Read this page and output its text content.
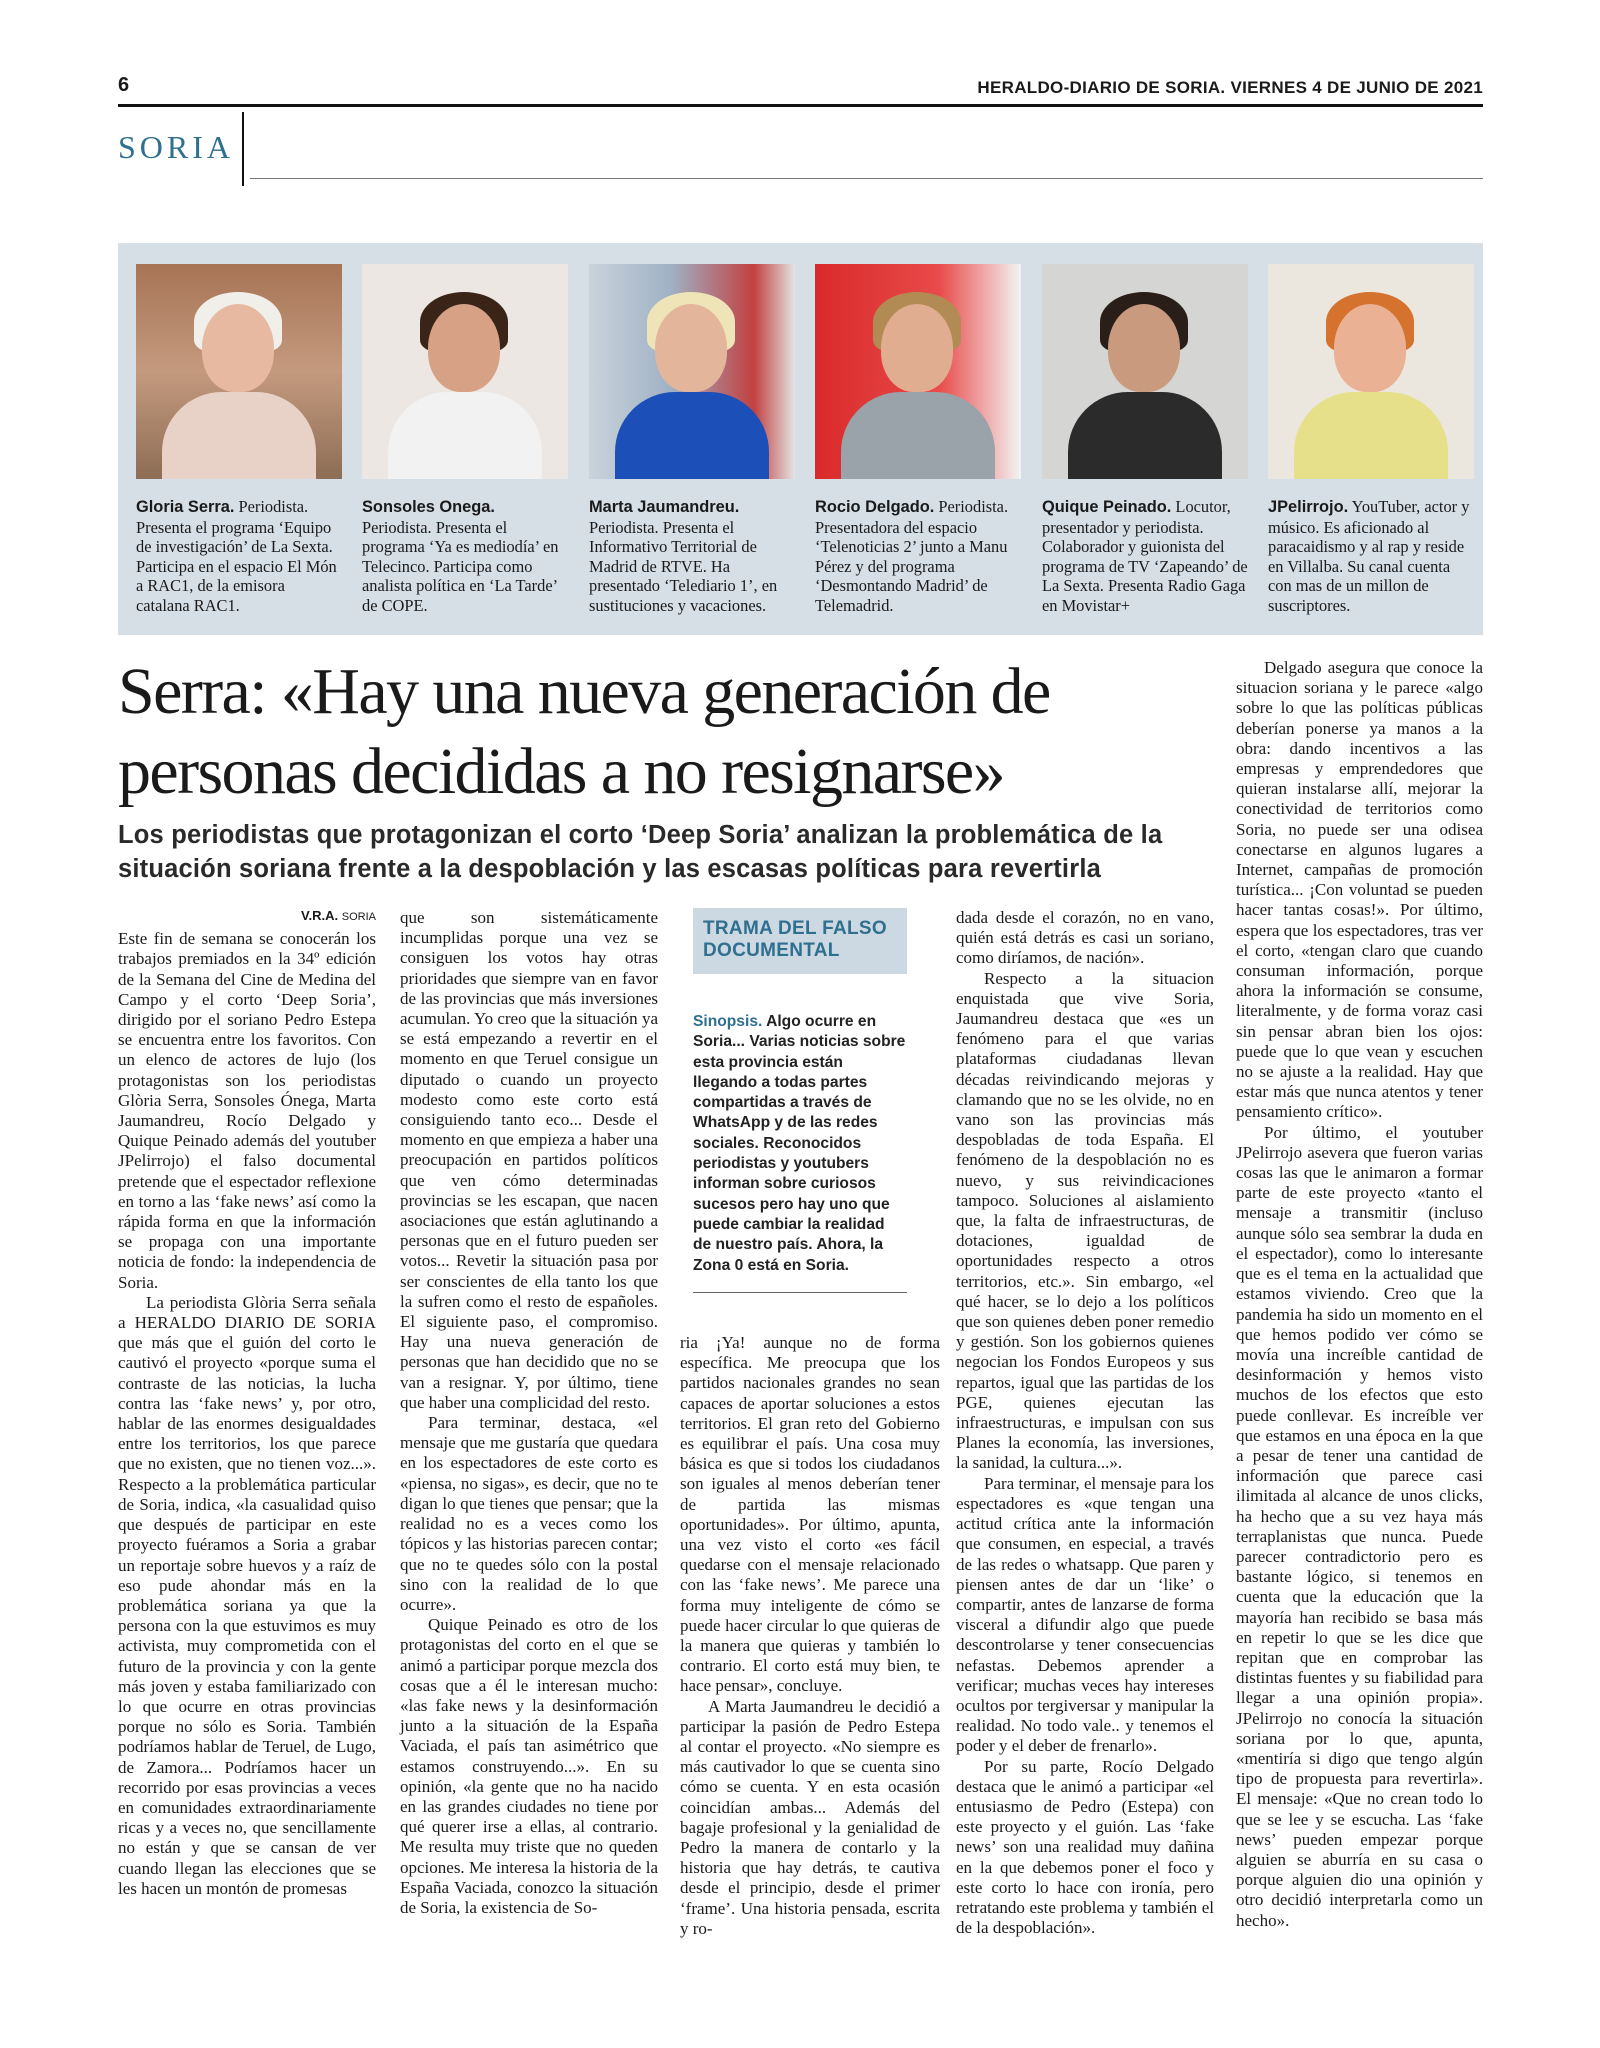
6	HERALDO-DIARIO DE SORIA. VIERNES 4 DE JUNIO DE 2021
SORIA
Gloria Serra. Periodista. Presenta el programa ‘Equipo de investigación’ de La Sexta. Participa en el espacio El Món a RAC1, de la emisora catalana RAC1.
Sonsoles Onega. Periodista. Presenta el programa ‘Ya es mediodía’ en Telecinco. Participa como analista política en ‘La Tarde’ de COPE.
Marta Jaumandreu. Periodista. Presenta el Informativo Territorial de Madrid de RTVE. Ha presentado ‘Telediario 1’, en sustituciones y vacaciones.
Rocio Delgado. Periodista. Presentadora del espacio ‘Telenoticias 2’ junto a Manu Pérez y del programa ‘Desmontando Madrid’ de Telemadrid.
Quique Peinado. Locutor, presentador y periodista. Colaborador y guionista del programa de TV ‘Zapeando’ de La Sexta. Presenta Radio Gaga en Movistar+
JPelirrojo. YouTuber, actor y músico. Es aficionado al paracaidismo y al rap y reside en Villalba. Su canal cuenta con mas de un millon de suscriptores.
Serra: «Hay una nueva generación de personas decididas a no resignarse»
Los periodistas que protagonizan el corto ‘Deep Soria’ analizan la problemática de la situación soriana frente a la despoblación y las escasas políticas para revertirla
V.R.A. SORIA

Este fin de semana se conocerán los trabajos premiados en la 34º edición de la Semana del Cine de Medina del Campo y el corto ‘Deep Soria’, dirigido por el soriano Pedro Estepa se encuentra entre los favoritos. Con un elenco de actores de lujo (los protagonistas son los periodistas Glòria Serra, Sonsoles Ónega, Marta Jaumandreu, Rocío Delgado y Quique Peinado además del youtuber JPelirrojo) el falso documental pretende que el espectador reflexione en torno a las ‘fake news’ así como la rápida forma en que la información se propaga con una importante noticia de fondo: la independencia de Soria.

La periodista Glòria Serra señala a HERALDO DIARIO DE SORIA que más que el guión del corto le cautivó el proyecto «porque suma el contraste de las noticias, la lucha contra las ‘fake news’ y, por otro, hablar de las enormes desigualdades entre los territorios, los que parece que no existen, que no tienen voz...». Respecto a la problemática particular de Soria, indica, «la casualidad quiso que después de participar en este proyecto fuéramos a Soria a grabar un reportaje sobre huevos y a raíz de eso pude ahondar más en la problemática soriana ya que la persona con la que estuvimos es muy activista, muy comprometida con el futuro de la provincia y con la gente más joven y estaba familiarizado con lo que ocurre en otras provincias porque no sólo es Soria. También podríamos hablar de Teruel, de Lugo, de Zamora... Podríamos hacer un recorrido por esas provincias a veces en comunidades extraordinariamente ricas y a veces no, que sencillamente no están y que se cansan de ver cuando llegan las elecciones que se les hacen un montón de promesas

que son sistemáticamente incumplidas porque una vez se consiguen los votos hay otras prioridades que siempre van en favor de las provincias que más inversiones acumulan. Yo creo que la situación ya se está empezando a revertir en el momento en que Teruel consigue un diputado o cuando un proyecto modesto como este corto está consiguiendo tanto eco... Desde el momento en que empieza a haber una preocupación en partidos políticos que ven cómo determinadas provincias se les escapan, que nacen asociaciones que están aglutinando a personas que en el futuro pueden ser votos... Revetir la situación pasa por ser conscientes de ella tanto los que la sufren como el resto de españoles. El siguiente paso, el compromiso. Hay una nueva generación de personas que han decidido que no se van a resignar. Y, por último, tiene que haber una complicidad del resto.

Para terminar, destaca, «el mensaje que me gustaría que quedara en los espectadores de este corto es «piensa, no sigas», es decir, que no te digan lo que tienes que pensar; que la realidad no es a veces como los tópicos y las historias parecen contar; que no te quedes sólo con la postal sino con la realidad de lo que ocurre».

Quique Peinado es otro de los protagonistas del corto en el que se animó a participar porque mezcla dos cosas que a él le interesan mucho: «las fake news y la desinformación junto a la situación de la España Vaciada, el país tan asimétrico que estamos construyendo...». En su opinión, «la gente que no ha nacido en las grandes ciudades no tiene por qué querer irse a ellas, al contrario. Me resulta muy triste que no queden opciones. Me interesa la historia de la España Vaciada, conozco la situación de Soria, la existencia de So-

TRAMA DEL FALSO DOCUMENTAL
Sinopsis. Algo ocurre en Soria... Varias noticias sobre esta provincia están llegando a todas partes compartidas a través de WhatsApp y de las redes sociales. Reconocidos periodistas y youtubers informan sobre curiosos sucesos pero hay uno que puede cambiar la realidad de nuestro país. Ahora, la Zona 0 está en Soria.

ria ¡Ya! aunque no de forma específica. Me preocupa que los partidos nacionales grandes no sean capaces de aportar soluciones a estos territorios. El gran reto del Gobierno es equilibrar el país. Una cosa muy básica es que si todos los ciudadanos son iguales al menos deberían tener de partida las mismas oportunidades». Por último, apunta, una vez visto el corto «es fácil quedarse con el mensaje relacionado con las ‘fake news’. Me parece una forma muy inteligente de cómo se puede hacer circular lo que quieras de la manera que quieras y también lo contrario. El corto está muy bien, te hace pensar», concluye.

A Marta Jaumandreu le decidió a participar la pasión de Pedro Estepa al contar el proyecto. «No siempre es más cautivador lo que se cuenta sino cómo se cuenta. Y en esta ocasión coincidían ambas... Además del bagaje profesional y la genialidad de Pedro la manera de contarlo y la historia que hay detrás, te cautiva desde el principio, desde el primer ‘frame’. Una historia pensada, escrita y ro-

dada desde el corazón, no en vano, quién está detrás es casi un soriano, como diríamos, de nación».

Respecto a la situacion enquistada que vive Soria, Jaumandreu destaca que «es un fenómeno para el que varias plataformas ciudadanas llevan décadas reivindicando mejoras y clamando que no se les olvide, no en vano son las provincias más despobladas de toda España. El fenómeno de la despoblación no es nuevo, y sus reivindicaciones tampoco. Soluciones al aislamiento que, la falta de infraestructuras, de dotaciones, igualdad de oportunidades respecto a otros territorios, etc.». Sin embargo, «el qué hacer, se lo dejo a los políticos que son quienes deben poner remedio y gestión. Son los gobiernos quienes negocian los Fondos Europeos y sus repartos, igual que las partidas de los PGE, quienes ejecutan las infraestructuras, e impulsan con sus Planes la economía, las inversiones, la sanidad, la cultura...».

Para terminar, el mensaje para los espectadores es «que tengan una actitud crítica ante la información que consumen, en especial, a través de las redes o whatsapp. Que paren y piensen antes de dar un ‘like’ o compartir, antes de lanzarse de forma visceral a difundir algo que puede descontrolarse y tener consecuencias nefastas. Debemos aprender a verificar; muchas veces hay intereses ocultos por tergiversar y manipular la realidad. No todo vale.. y tenemos el poder y el deber de frenarlo».

Por su parte, Rocío Delgado destaca que le animó a participar «el entusiasmo de Pedro (Estepa) con este proyecto y el guión. Las ‘fake news’ son una realidad muy dañina en la que debemos poner el foco y este corto lo hace con ironía, pero retratando este problema y también el de la despoblación».

Delgado asegura que conoce la situacion soriana y le parece «algo sobre lo que las políticas públicas deberían ponerse ya manos a la obra: dando incentivos a las empresas y emprendedores que quieran instalarse allí, mejorar la conectividad de territorios como Soria, no puede ser una odisea conectarse en algunos lugares a Internet, campañas de promoción turística... ¡Con voluntad se pueden hacer tantas cosas!». Por último, espera que los espectadores, tras ver el corto, «tengan claro que cuando consuman información, porque ahora la información se consume, literalmente, y de forma voraz casi sin pensar abran bien los ojos: puede que lo que vean y escuchen no se ajuste a la realidad. Hay que estar más que nunca atentos y tener pensamiento crítico».

Por último, el youtuber JPelirrojo asevera que fueron varias cosas las que le animaron a formar parte de este proyecto «tanto el mensaje a transmitir (incluso aunque sólo sea sembrar la duda en el espectador), como lo interesante que es el tema en la actualidad que estamos viviendo. Creo que la pandemia ha sido un momento en el que hemos podido ver cómo se movía una increíble cantidad de desinformación y hemos visto muchos de los efectos que esto puede conllevar. Es increíble ver que estamos en una época en la que a pesar de tener una cantidad de información que parece casi ilimitada al alcance de unos clicks, ha hecho que a su vez haya más terraplanistas que nunca. Puede parecer contradictorio pero es bastante lógico, si tenemos en cuenta que la educación que la mayoría han recibido se basa más en repetir lo que se les dice que repitan que en comprobar las distintas fuentes y su fiabilidad para llegar a una opinión propia». JPelirrojo no conocía la situación soriana por lo que, apunta, «mentiría si digo que tengo algún tipo de propuesta para revertirla». El mensaje: «Que no crean todo lo que se lee y se escucha. Las ‘fake news’ pueden empezar porque alguien se aburría en su casa o porque alguien dio una opinión y otro decidió interpretarla como un hecho».
